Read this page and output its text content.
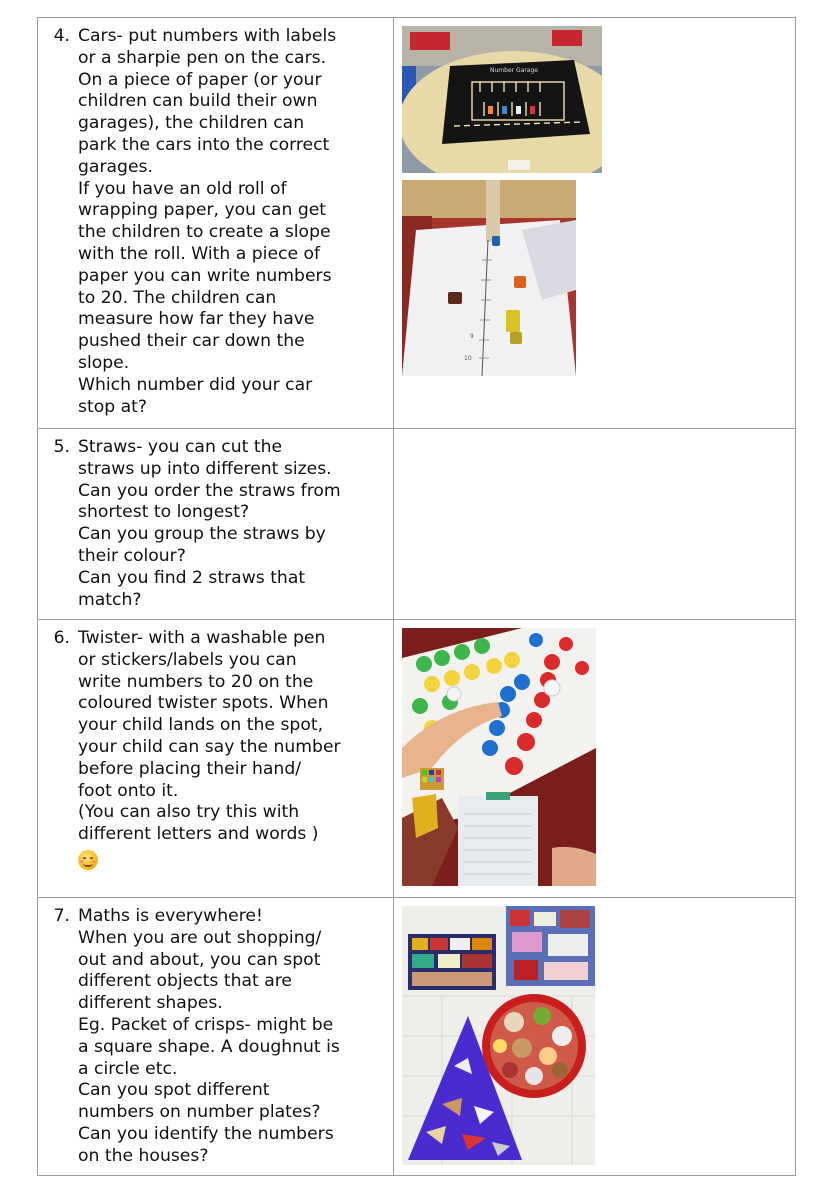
4. Cars- put numbers with labels
or a sharpie pen on the cars.
On a piece of paper (or your
children can build their own
garages), the children can
park the cars into the correct
garages.
If you have an old roll of
wrapping paper, you can get
the children to create a slope
with the roll. With a piece of
paper you can write numbers
to 20. The children can
measure how far they have
pushed their car down the
slope.
Which number did your car
stop at?
Number Garage
9
10
5. Straws- you can cut the
straws up into different sizes.
Can you order the straws from
shortest to longest?
Can you group the straws by
their colour?
Can you find 2 straws that
match?
6. Twister- with a washable pen
or stickers/labels you can
write numbers to 20 on the
coloured twister spots. When
your child lands on the spot,
your child can say the number
before placing their hand/
foot onto it.
(You can also try this with
different letters and words )
7. Maths is everywhere!
When you are out shopping/
out and about, you can spot
different objects that are
different shapes.
Eg. Packet of crisps- might be
a square shape. A doughnut is
a circle etc.
Can you spot different
numbers on number plates?
Can you identify the numbers
on the houses?
